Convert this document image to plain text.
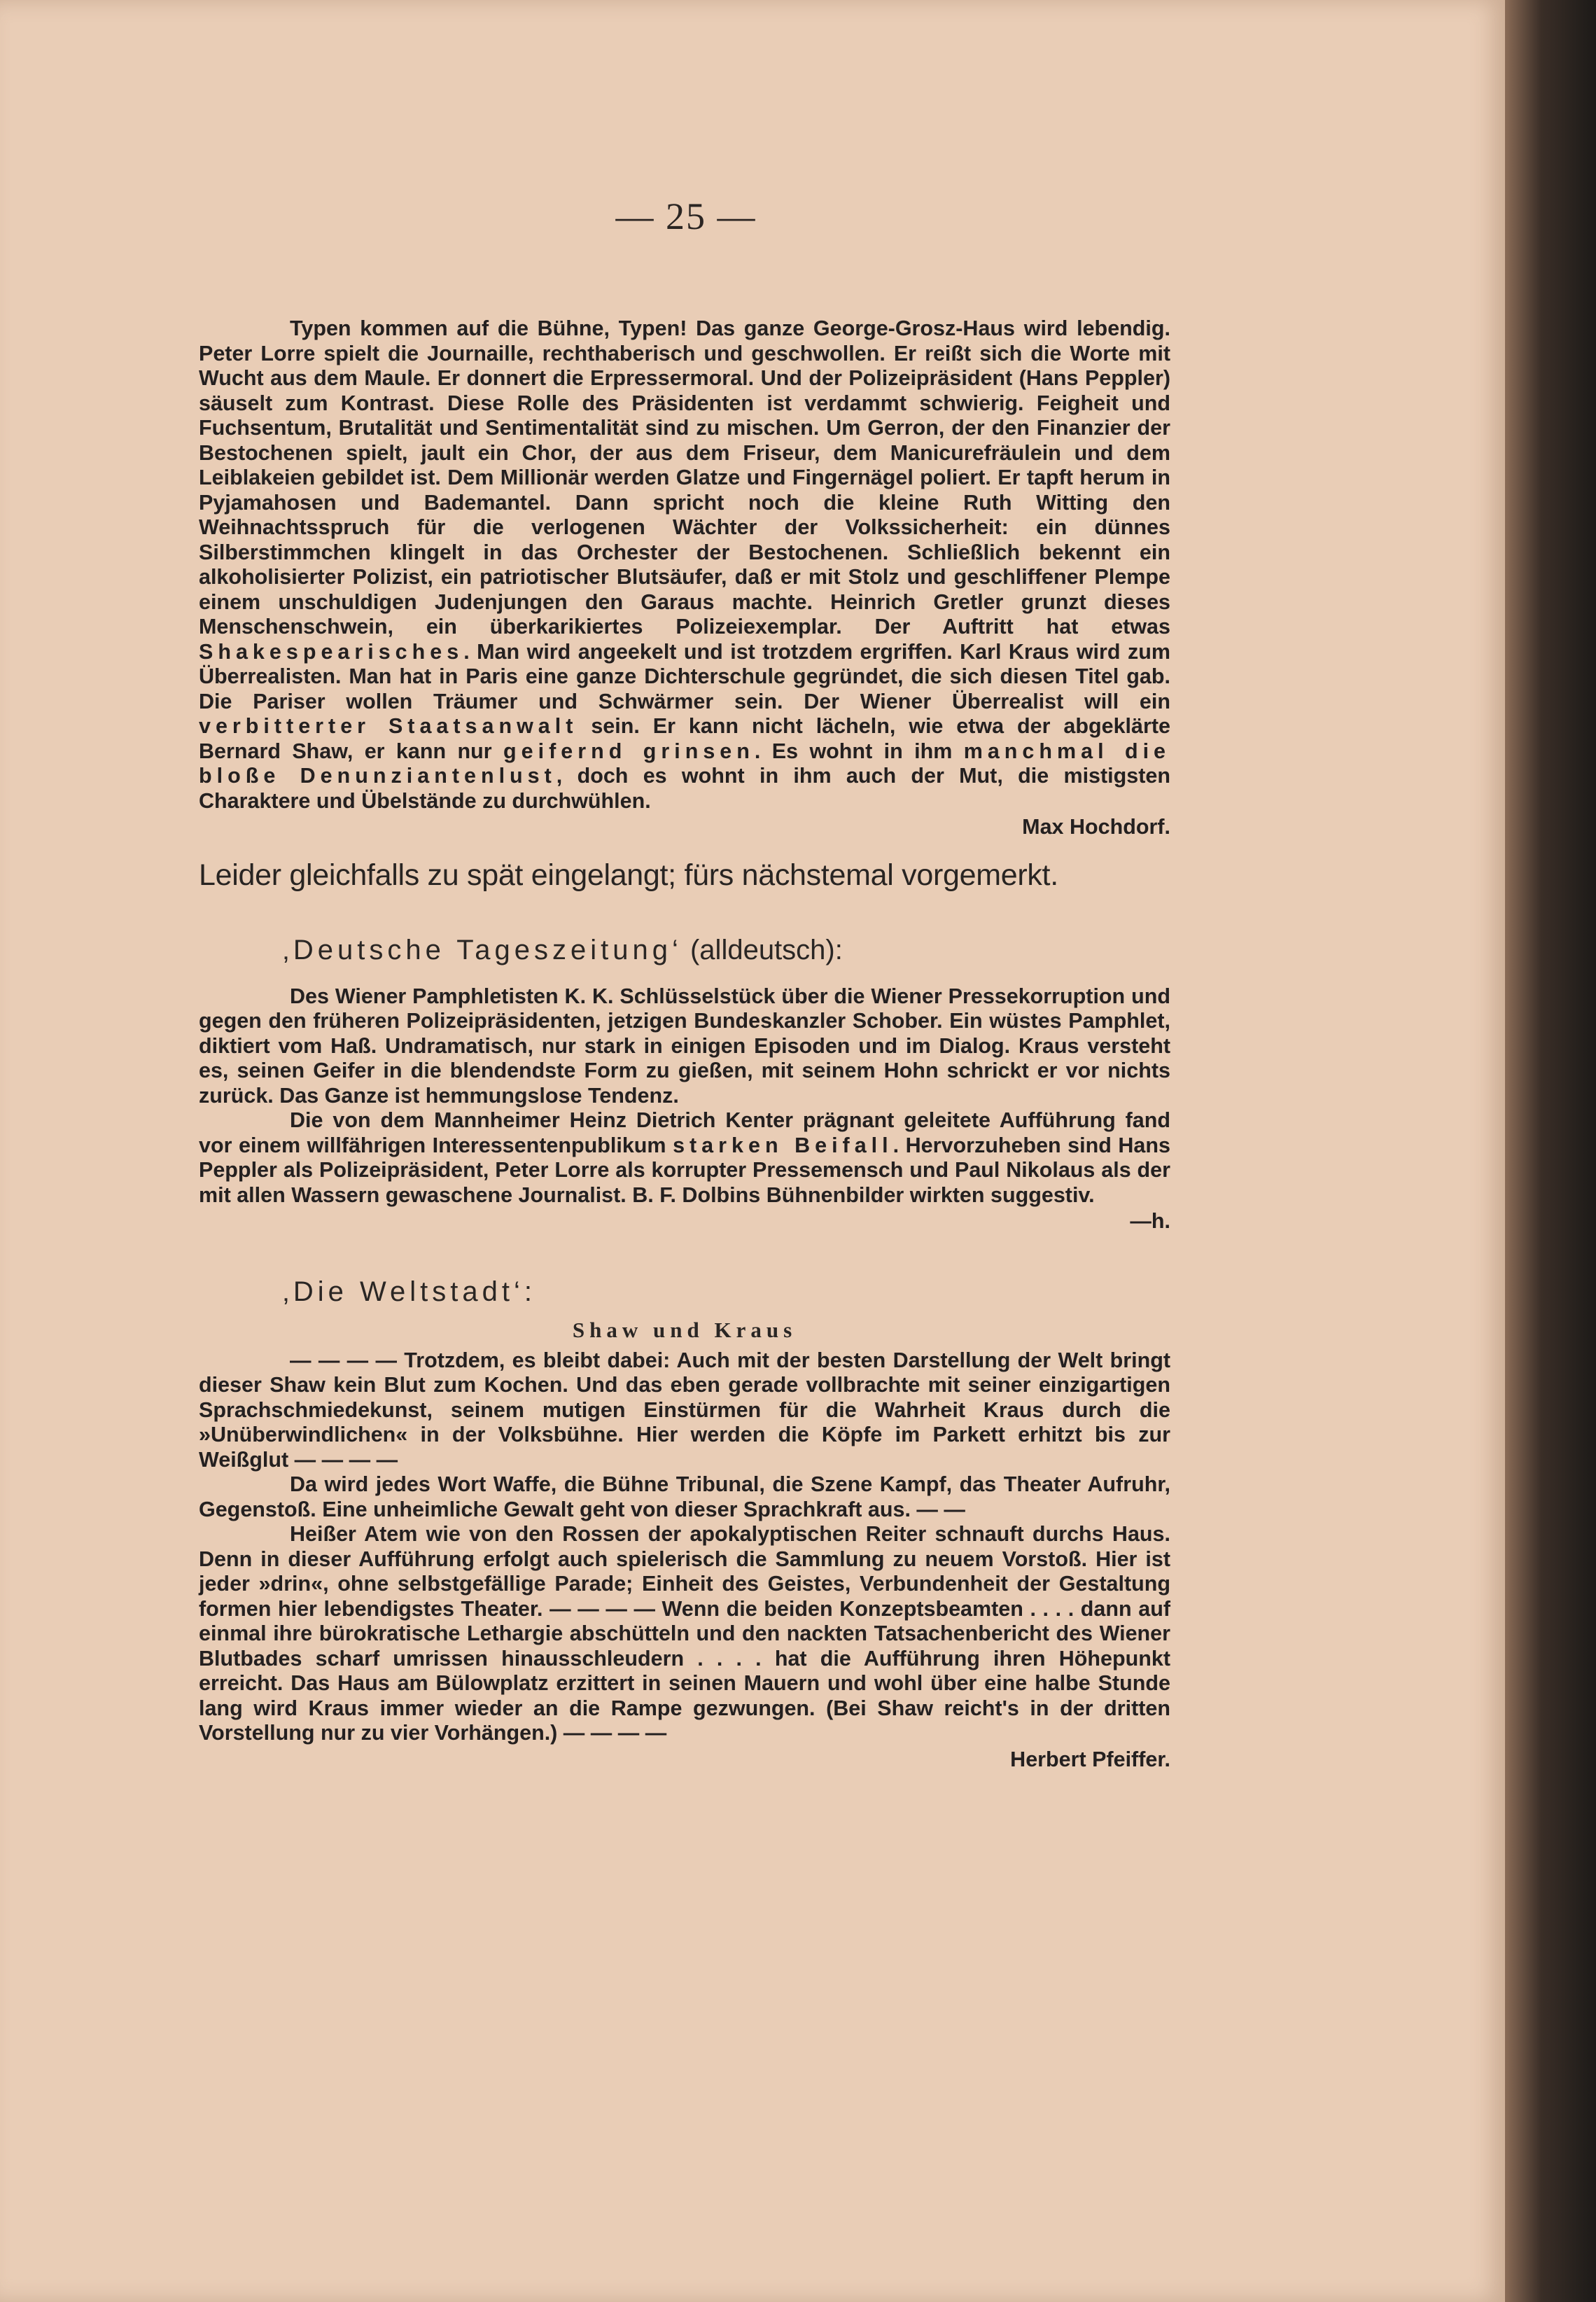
— 25 —

Typen kommen auf die Bühne, Typen! Das ganze George-Grosz-Haus wird lebendig. Peter Lorre spielt die Journaille, rechthaberisch und geschwollen. Er reißt sich die Worte mit Wucht aus dem Maule. Er donnert die Erpressermoral. Und der Polizeipräsident (Hans Peppler) säuselt zum Kontrast. Diese Rolle des Präsidenten ist verdammt schwierig. Feigheit und Fuchsentum, Brutalität und Sentimentalität sind zu mischen. Um Gerron, der den Finanzier der Bestochenen spielt, jault ein Chor, der aus dem Friseur, dem Manicurefräulein und dem Leiblakeien gebildet ist. Dem Millionär werden Glatze und Fingernägel poliert. Er tapft herum in Pyjamahosen und Bademantel. Dann spricht noch die kleine Ruth Witting den Weihnachtsspruch für die verlogenen Wächter der Volkssicherheit: ein dünnes Silberstimmchen klingelt in das Orchester der Bestochenen. Schließlich bekennt ein alkoholisierter Polizist, ein patriotischer Blutsäufer, daß er mit Stolz und geschliffener Plempe einem unschuldigen Judenjungen den Garaus machte. Heinrich Gretler grunzt dieses Menschenschwein, ein überkarikiertes Polizeiexemplar. Der Auftritt hat etwas Shakespearisches. Man wird angeekelt und ist trotzdem ergriffen. Karl Kraus wird zum Überrealisten. Man hat in Paris eine ganze Dichterschule gegründet, die sich diesen Titel gab. Die Pariser wollen Träumer und Schwärmer sein. Der Wiener Überrealist will ein verbitterter Staatsanwalt sein. Er kann nicht lächeln, wie etwa der abgeklärte Bernard Shaw, er kann nur geifernd grinsen. Es wohnt in ihm manchmal die bloße Denunziantenlust, doch es wohnt in ihm auch der Mut, die mistigsten Charaktere und Übelstände zu durchwühlen.

Max Hochdorf.
Leider gleichfalls zu spät eingelangt; fürs nächstemal vorgemerkt.
‚Deutsche Tageszeitung‘ (alldeutsch):

Des Wiener Pamphletisten K. K. Schlüsselstück über die Wiener Pressekorruption und gegen den früheren Polizeipräsidenten, jetzigen Bundeskanzler Schober. Ein wüstes Pamphlet, diktiert vom Haß. Undramatisch, nur stark in einigen Episoden und im Dialog. Kraus versteht es, seinen Geifer in die blendendste Form zu gießen, mit seinem Hohn schrickt er vor nichts zurück. Das Ganze ist hemmungslose Tendenz.

Die von dem Mannheimer Heinz Dietrich Kenter prägnant geleitete Aufführung fand vor einem willfährigen Interessentenpublikum starken Beifall. Hervorzuheben sind Hans Peppler als Polizeipräsident, Peter Lorre als korrupter Pressemensch und Paul Nikolaus als der mit allen Wassern gewaschene Journalist. B. F. Dolbins Bühnenbilder wirkten suggestiv.

—h.
‚Die Weltstadt‘:
Shaw und Kraus

— — — — Trotzdem, es bleibt dabei: Auch mit der besten Darstellung der Welt bringt dieser Shaw kein Blut zum Kochen. Und das eben gerade vollbrachte mit seiner einzigartigen Sprachschmiedekunst, seinem mutigen Einstürmen für die Wahrheit Kraus durch die »Unüberwindlichen« in der Volksbühne. Hier werden die Köpfe im Parkett erhitzt bis zur Weißglut — — — —

Da wird jedes Wort Waffe, die Bühne Tribunal, die Szene Kampf, das Theater Aufruhr, Gegenstoß. Eine unheimliche Gewalt geht von dieser Sprachkraft aus. — —

Heißer Atem wie von den Rossen der apokalyptischen Reiter schnauft durchs Haus. Denn in dieser Aufführung erfolgt auch spielerisch die Sammlung zu neuem Vorstoß. Hier ist jeder »drin«, ohne selbstgefällige Parade; Einheit des Geistes, Verbundenheit der Gestaltung formen hier lebendigstes Theater. — — — — Wenn die beiden Konzeptsbeamten . . . . dann auf einmal ihre bürokratische Lethargie abschütteln und den nackten Tatsachenbericht des Wiener Blutbades scharf umrissen hinausschleudern . . . . hat die Aufführung ihren Höhepunkt erreicht. Das Haus am Bülowplatz erzittert in seinen Mauern und wohl über eine halbe Stunde lang wird Kraus immer wieder an die Rampe gezwungen. (Bei Shaw reicht's in der dritten Vorstellung nur zu vier Vorhängen.) — — — —

Herbert Pfeiffer.
